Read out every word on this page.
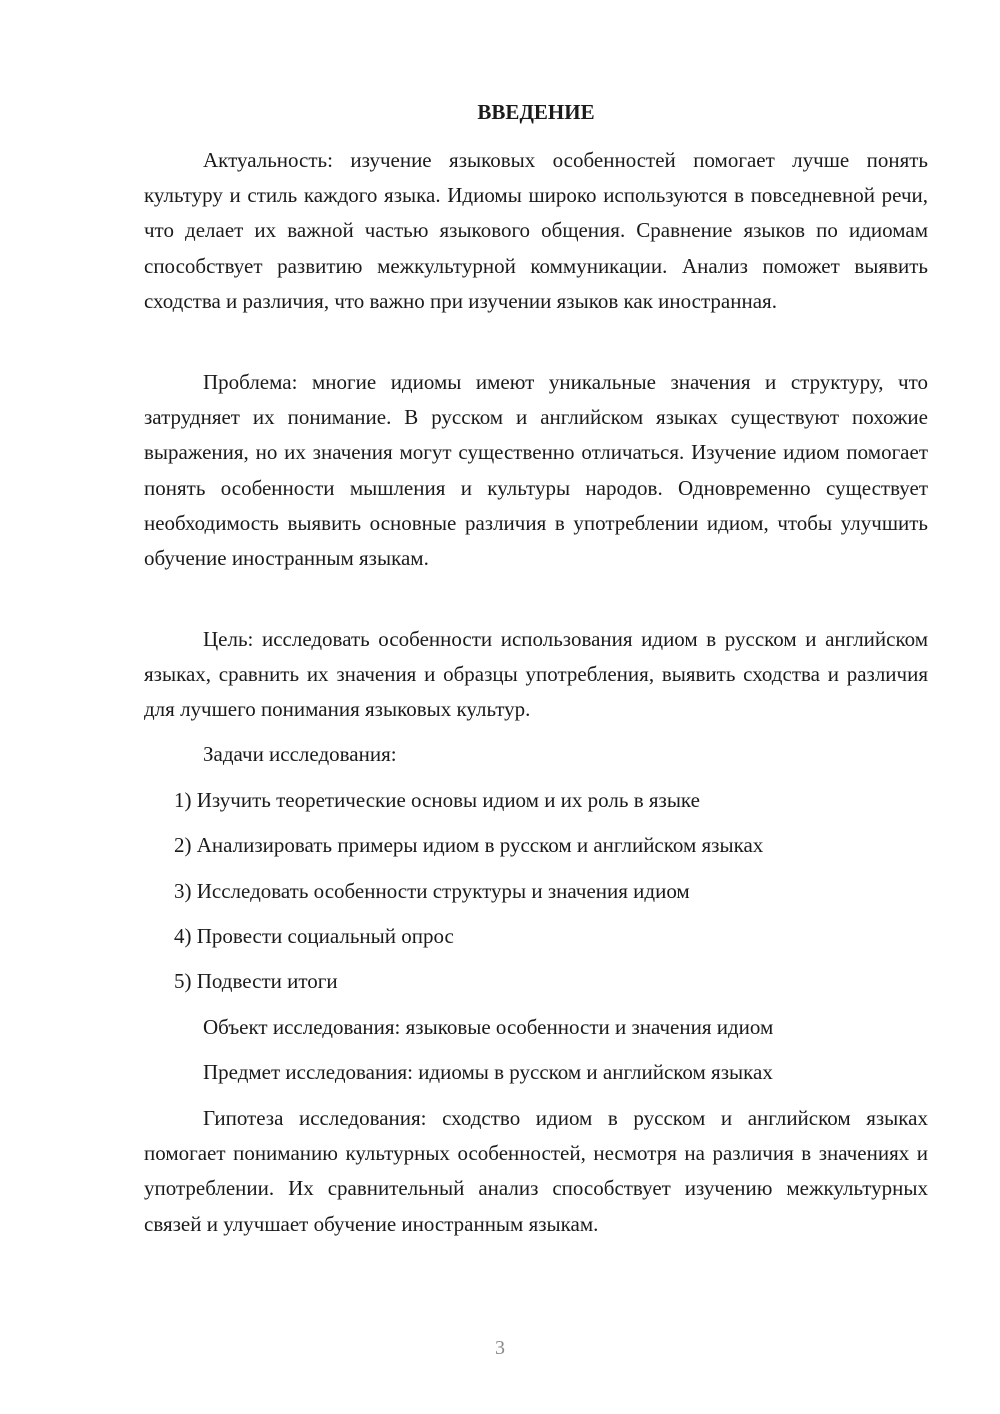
ВВЕДЕНИЕ

Актуальность: изучение языковых особенностей помогает лучше понять культуру и стиль каждого языка. Идиомы широко используются в повседневной речи, что делает их важной частью языкового общения. Сравнение языков по идиомам способствует развитию межкультурной коммуникации. Анализ поможет выявить сходства и различия, что важно при изучении языков как иностранная.

Проблема: многие идиомы имеют уникальные значения и структуру, что затрудняет их понимание. В русском и английском языках существуют похожие выражения, но их значения могут существенно отличаться. Изучение идиом помогает понять особенности мышления и культуры народов. Одновременно существует необходимость выявить основные различия в употреблении идиом, чтобы улучшить обучение иностранным языкам.

Цель: исследовать особенности использования идиом в русском и английском языках, сравнить их значения и образцы употребления, выявить сходства и различия для лучшего понимания языковых культур.

Задачи исследования:
1) Изучить теоретические основы идиом и их роль в языке
2) Анализировать примеры идиом в русском и английском языках
3) Исследовать особенности структуры и значения идиом
4) Провести социальный опрос
5) Подвести итоги
Объект исследования: языковые особенности и значения идиом
Предмет исследования: идиомы в русском и английском языках

Гипотеза исследования: сходство идиом в русском и английском языках помогает пониманию культурных особенностей, несмотря на различия в значениях и употреблении. Их сравнительный анализ способствует изучению межкультурных связей и улучшает обучение иностранным языкам.

3
